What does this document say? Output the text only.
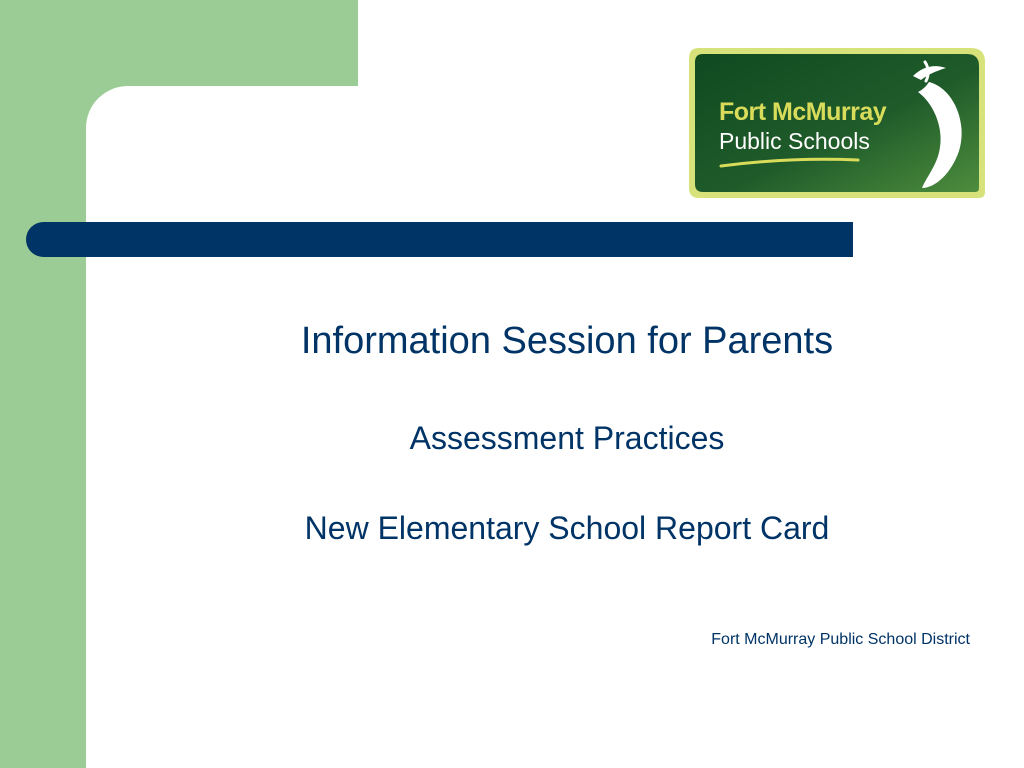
Fort McMurray
Public Schools
Information Session for Parents
Assessment Practices
New Elementary School Report Card
Fort McMurray Public School District
